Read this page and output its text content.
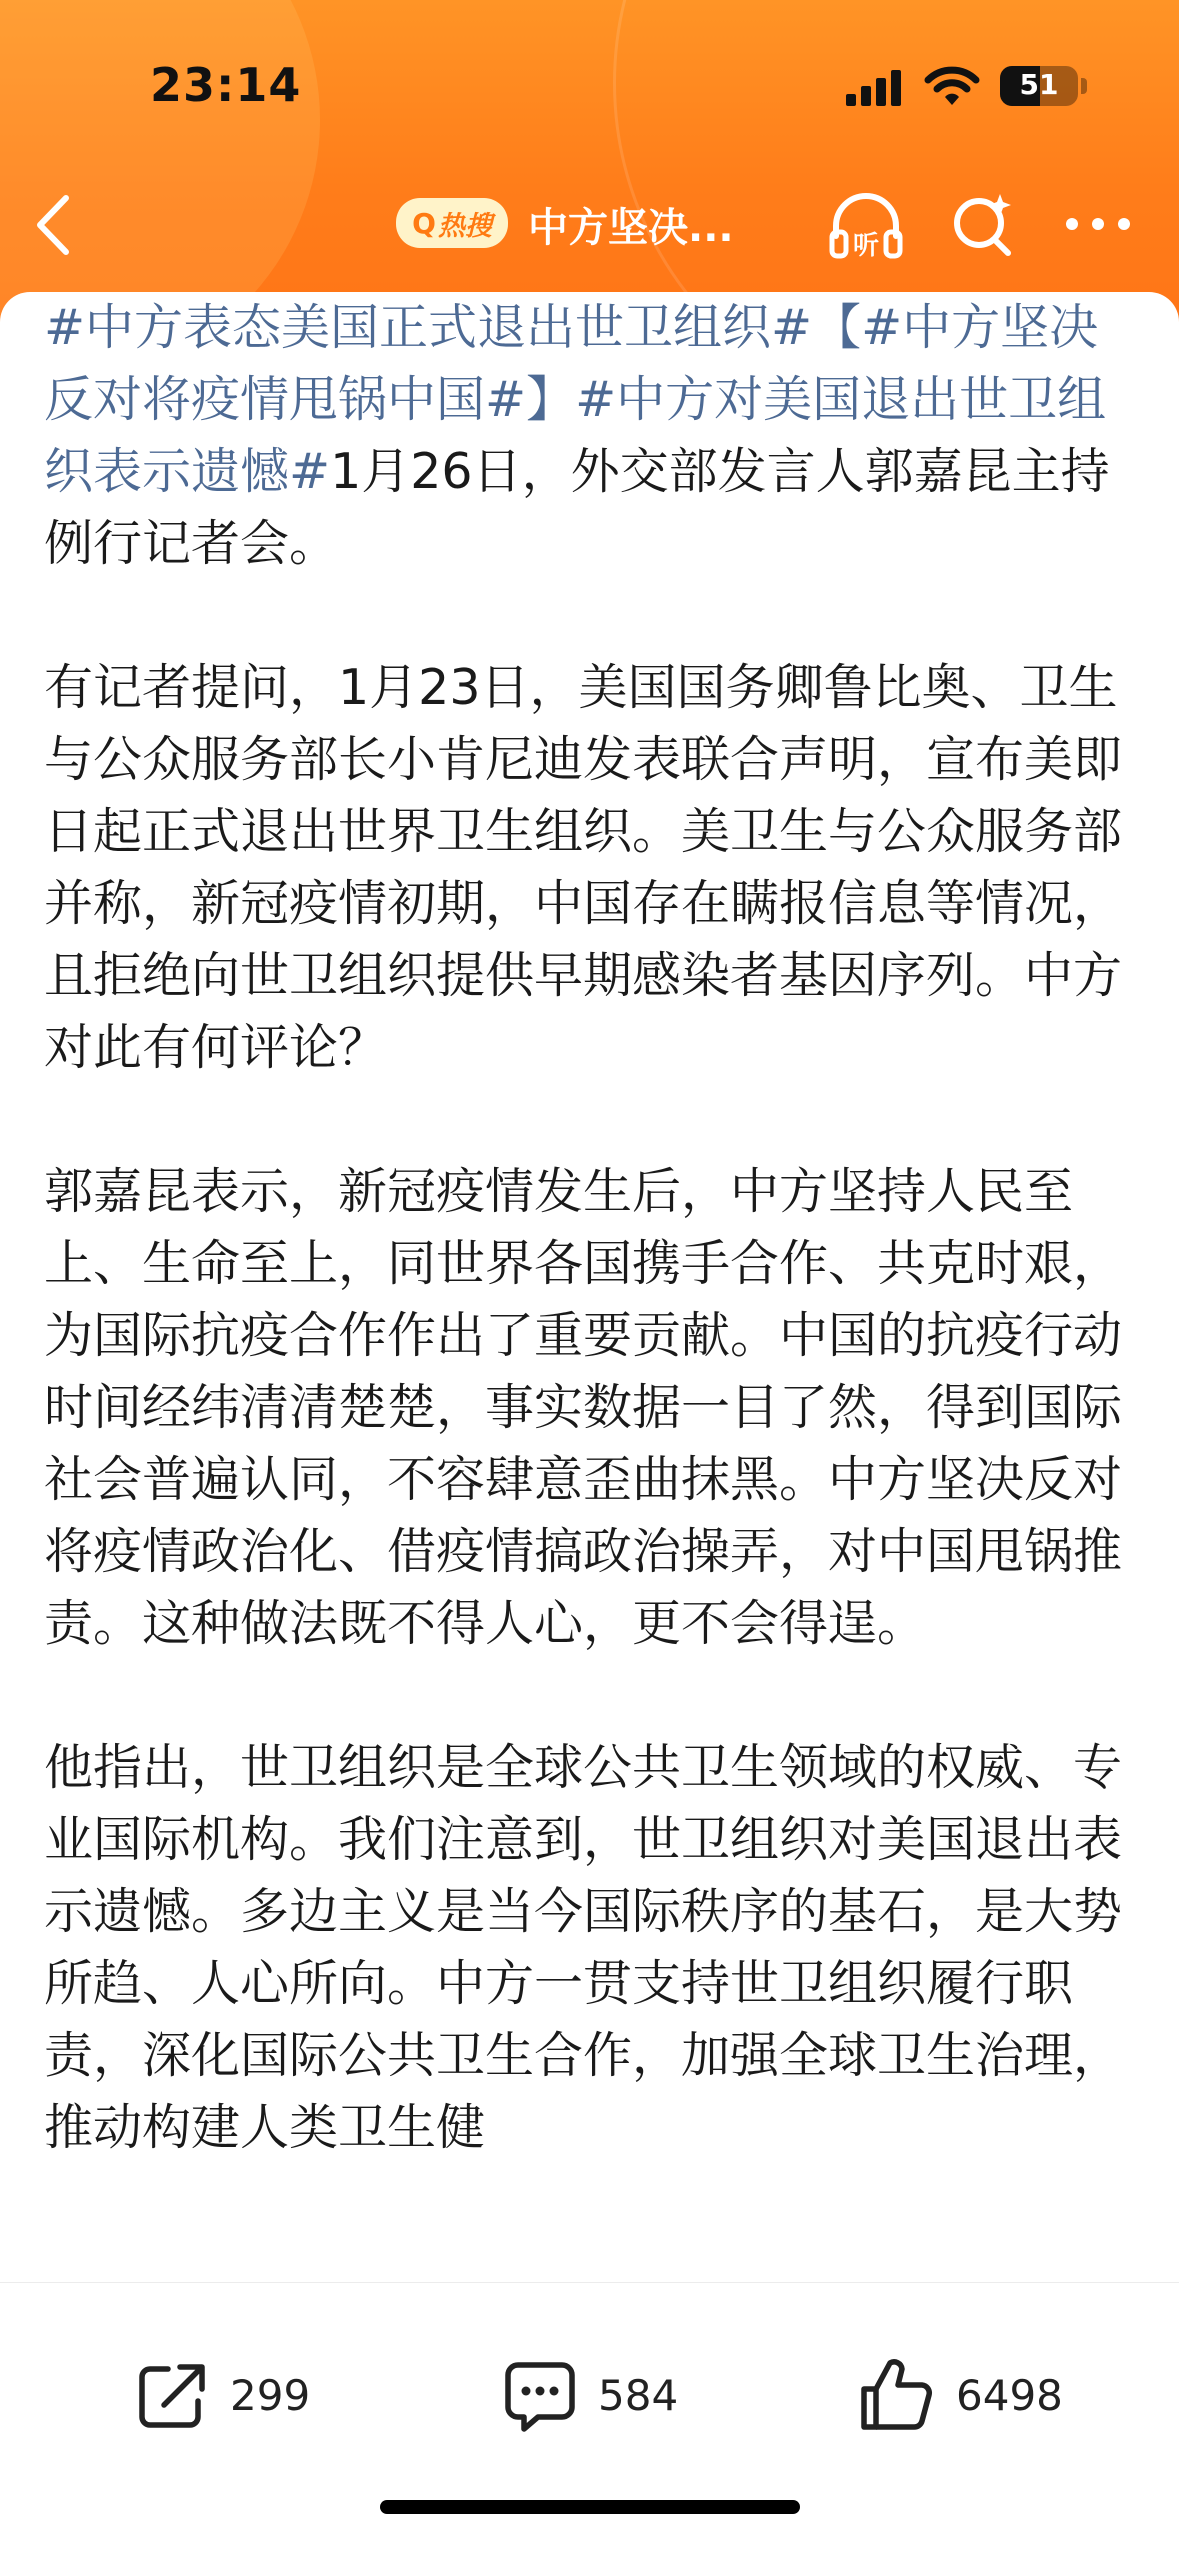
23:14	51
Q 热搜 中方坚决...	听

#中方表态美国正式退出世卫组织#【#中方坚决反对将疫情甩锅中国#】#中方对美国退出世卫组织表示遗憾#1月26日，外交部发言人郭嘉昆主持例行记者会。

有记者提问，1月23日，美国国务卿鲁比奥、卫生与公众服务部长小肯尼迪发表联合声明，宣布美即日起正式退出世界卫生组织。美卫生与公众服务部并称，新冠疫情初期，中国存在瞒报信息等情况，且拒绝向世卫组织提供早期感染者基因序列。中方对此有何评论？

郭嘉昆表示，新冠疫情发生后，中方坚持人民至上、生命至上，同世界各国携手合作、共克时艰，为国际抗疫合作作出了重要贡献。中国的抗疫行动时间经纬清清楚楚，事实数据一目了然，得到国际社会普遍认同，不容肆意歪曲抹黑。中方坚决反对将疫情政治化、借疫情搞政治操弄，对中国甩锅推责。这种做法既不得人心，更不会得逞。

他指出，世卫组织是全球公共卫生领域的权威、专业国际机构。我们注意到，世卫组织对美国退出表示遗憾。多边主义是当今国际秩序的基石，是大势所趋、人心所向。中方一贯支持世卫组织履行职责，深化国际公共卫生合作，加强全球卫生治理，推动构建人类卫生健

299	584	6498
